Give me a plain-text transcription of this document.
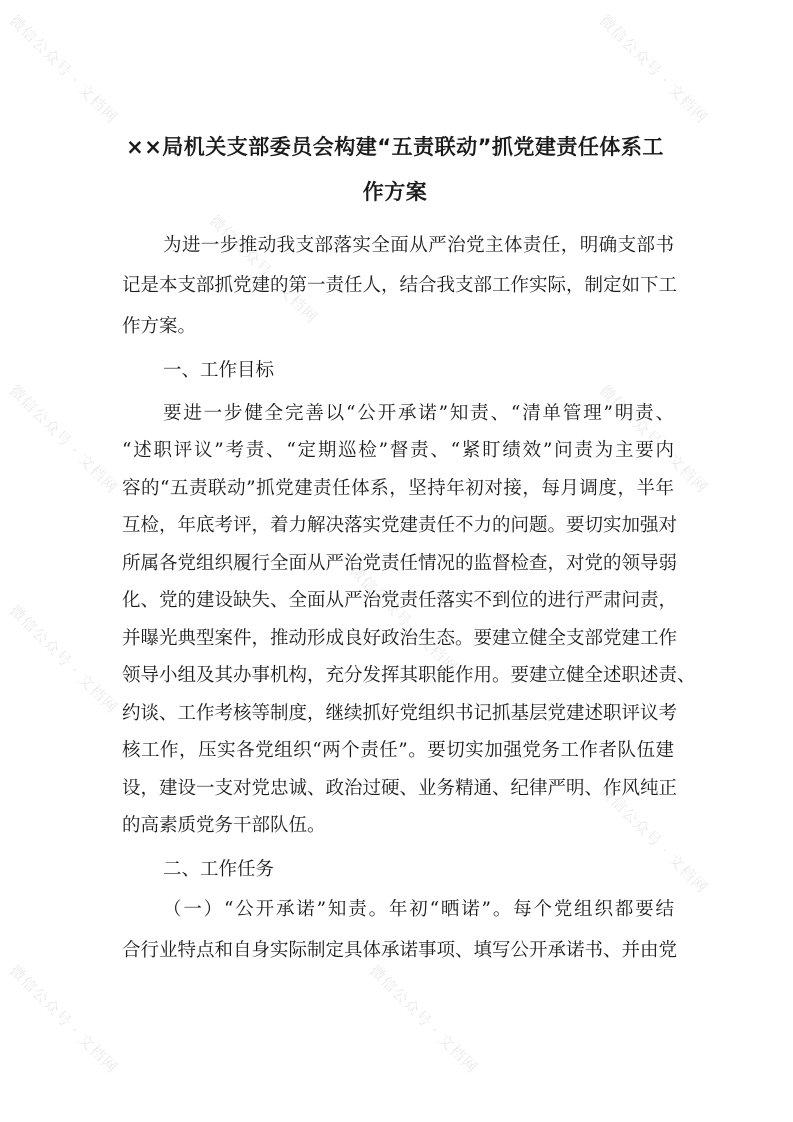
微信公众号 · 文档网	微信公众号 · 文档网
微信公众号 · 文档网
微信公众号 · 文档网	微信公众号 · 文档网
微信公众号 · 文档网
微信公众号 · 文档网
微信公众号 · 文档网
微信公众号 · 文档网	微信公众号 · 文档网
××局机关支部委员会构建“五责联动”抓党建责任体系工
作方案
为进一步推动我支部落实全面从严治党主体责任，明确支部书
记是本支部抓党建的第一责任人，结合我支部工作实际，制定如下工
作方案。
一、工作目标
要进一步健全完善以“公开承诺”知责、“清单管理”明责、
“述职评议”考责、“定期巡检”督责、“紧盯绩效”问责为主要内
容的“五责联动”抓党建责任体系，坚持年初对接，每月调度，半年
互检，年底考评，着力解决落实党建责任不力的问题。要切实加强对
所属各党组织履行全面从严治党责任情况的监督检查，对党的领导弱
化、党的建设缺失、全面从严治党责任落实不到位的进行严肃问责，
并曝光典型案件，推动形成良好政治生态。要建立健全支部党建工作
领导小组及其办事机构，充分发挥其职能作用。要建立健全述职述责、
约谈、工作考核等制度，继续抓好党组织书记抓基层党建述职评议考
核工作，压实各党组织“两个责任”。要切实加强党务工作者队伍建
设，建设一支对党忠诚、政治过硬、业务精通、纪律严明、作风纯正
的高素质党务干部队伍。
二、工作任务
（一）“公开承诺”知责。年初“晒诺”。每个党组织都要结
合行业特点和自身实际制定具体承诺事项、填写公开承诺书、并由党
